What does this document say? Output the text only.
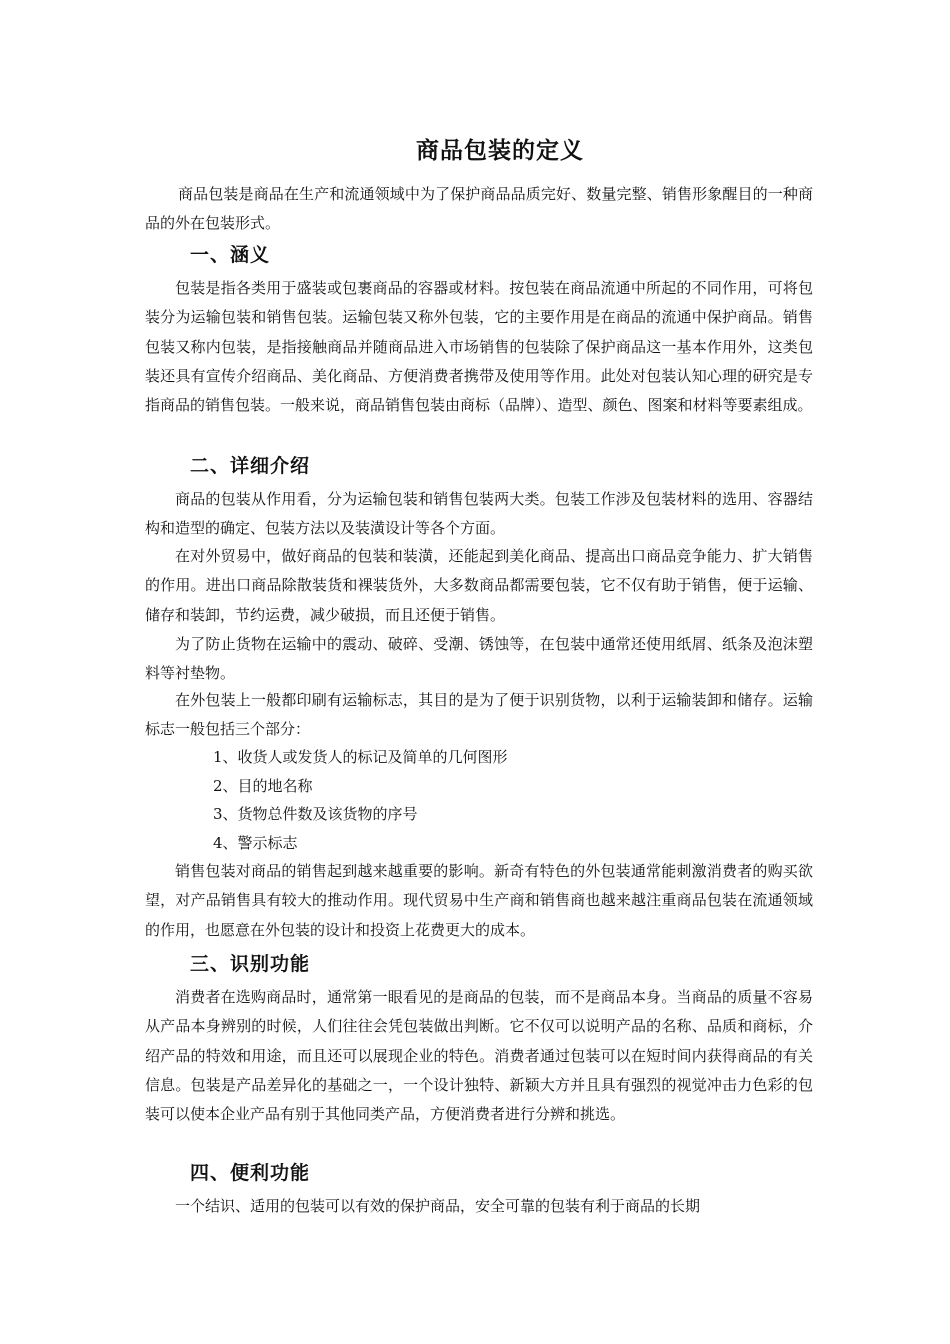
商品包装的定义

商品包装是商品在生产和流通领域中为了保护商品品质完好、数量完整、销售形象醒目的一种商品的外在包装形式。

一、涵义

包装是指各类用于盛装或包裹商品的容器或材料。按包装在商品流通中所起的不同作用，可将包装分为运输包装和销售包装。运输包装又称外包装，它的主要作用是在商品的流通中保护商品。销售包装又称内包装，是指接触商品并随商品进入市场销售的包装除了保护商品这一基本作用外，这类包装还具有宣传介绍商品、美化商品、方便消费者携带及使用等作用。此处对包装认知心理的研究是专指商品的销售包装。一般来说，商品销售包装由商标（品牌）、造型、颜色、图案和材料等要素组成。

二、详细介绍

商品的包装从作用看，分为运输包装和销售包装两大类。包装工作涉及包装材料的选用、容器结构和造型的确定、包装方法以及装潢设计等各个方面。

在对外贸易中，做好商品的包装和装潢，还能起到美化商品、提高出口商品竞争能力、扩大销售的作用。进出口商品除散装货和裸装货外，大多数商品都需要包装，它不仅有助于销售，便于运输、储存和装卸，节约运费，减少破损，而且还便于销售。

为了防止货物在运输中的震动、破碎、受潮、锈蚀等，在包装中通常还使用纸屑、纸条及泡沫塑料等衬垫物。

在外包装上一般都印刷有运输标志，其目的是为了便于识别货物，以利于运输装卸和储存。运输标志一般包括三个部分：

1、收货人或发货人的标记及简单的几何图形
2、目的地名称
3、货物总件数及该货物的序号
4、警示标志

销售包装对商品的销售起到越来越重要的影响。新奇有特色的外包装通常能刺激消费者的购买欲望，对产品销售具有较大的推动作用。现代贸易中生产商和销售商也越来越注重商品包装在流通领域的作用，也愿意在外包装的设计和投资上花费更大的成本。

三、识别功能

消费者在选购商品时，通常第一眼看见的是商品的包装，而不是商品本身。当商品的质量不容易从产品本身辨别的时候，人们往往会凭包装做出判断。它不仅可以说明产品的名称、品质和商标，介绍产品的特效和用途，而且还可以展现企业的特色。消费者通过包装可以在短时间内获得商品的有关信息。包装是产品差异化的基础之一，一个设计独特、新颖大方并且具有强烈的视觉冲击力色彩的包装可以使本企业产品有别于其他同类产品，方便消费者进行分辨和挑选。

四、便利功能

一个结识、适用的包装可以有效的保护商品，安全可靠的包装有利于商品的长期
